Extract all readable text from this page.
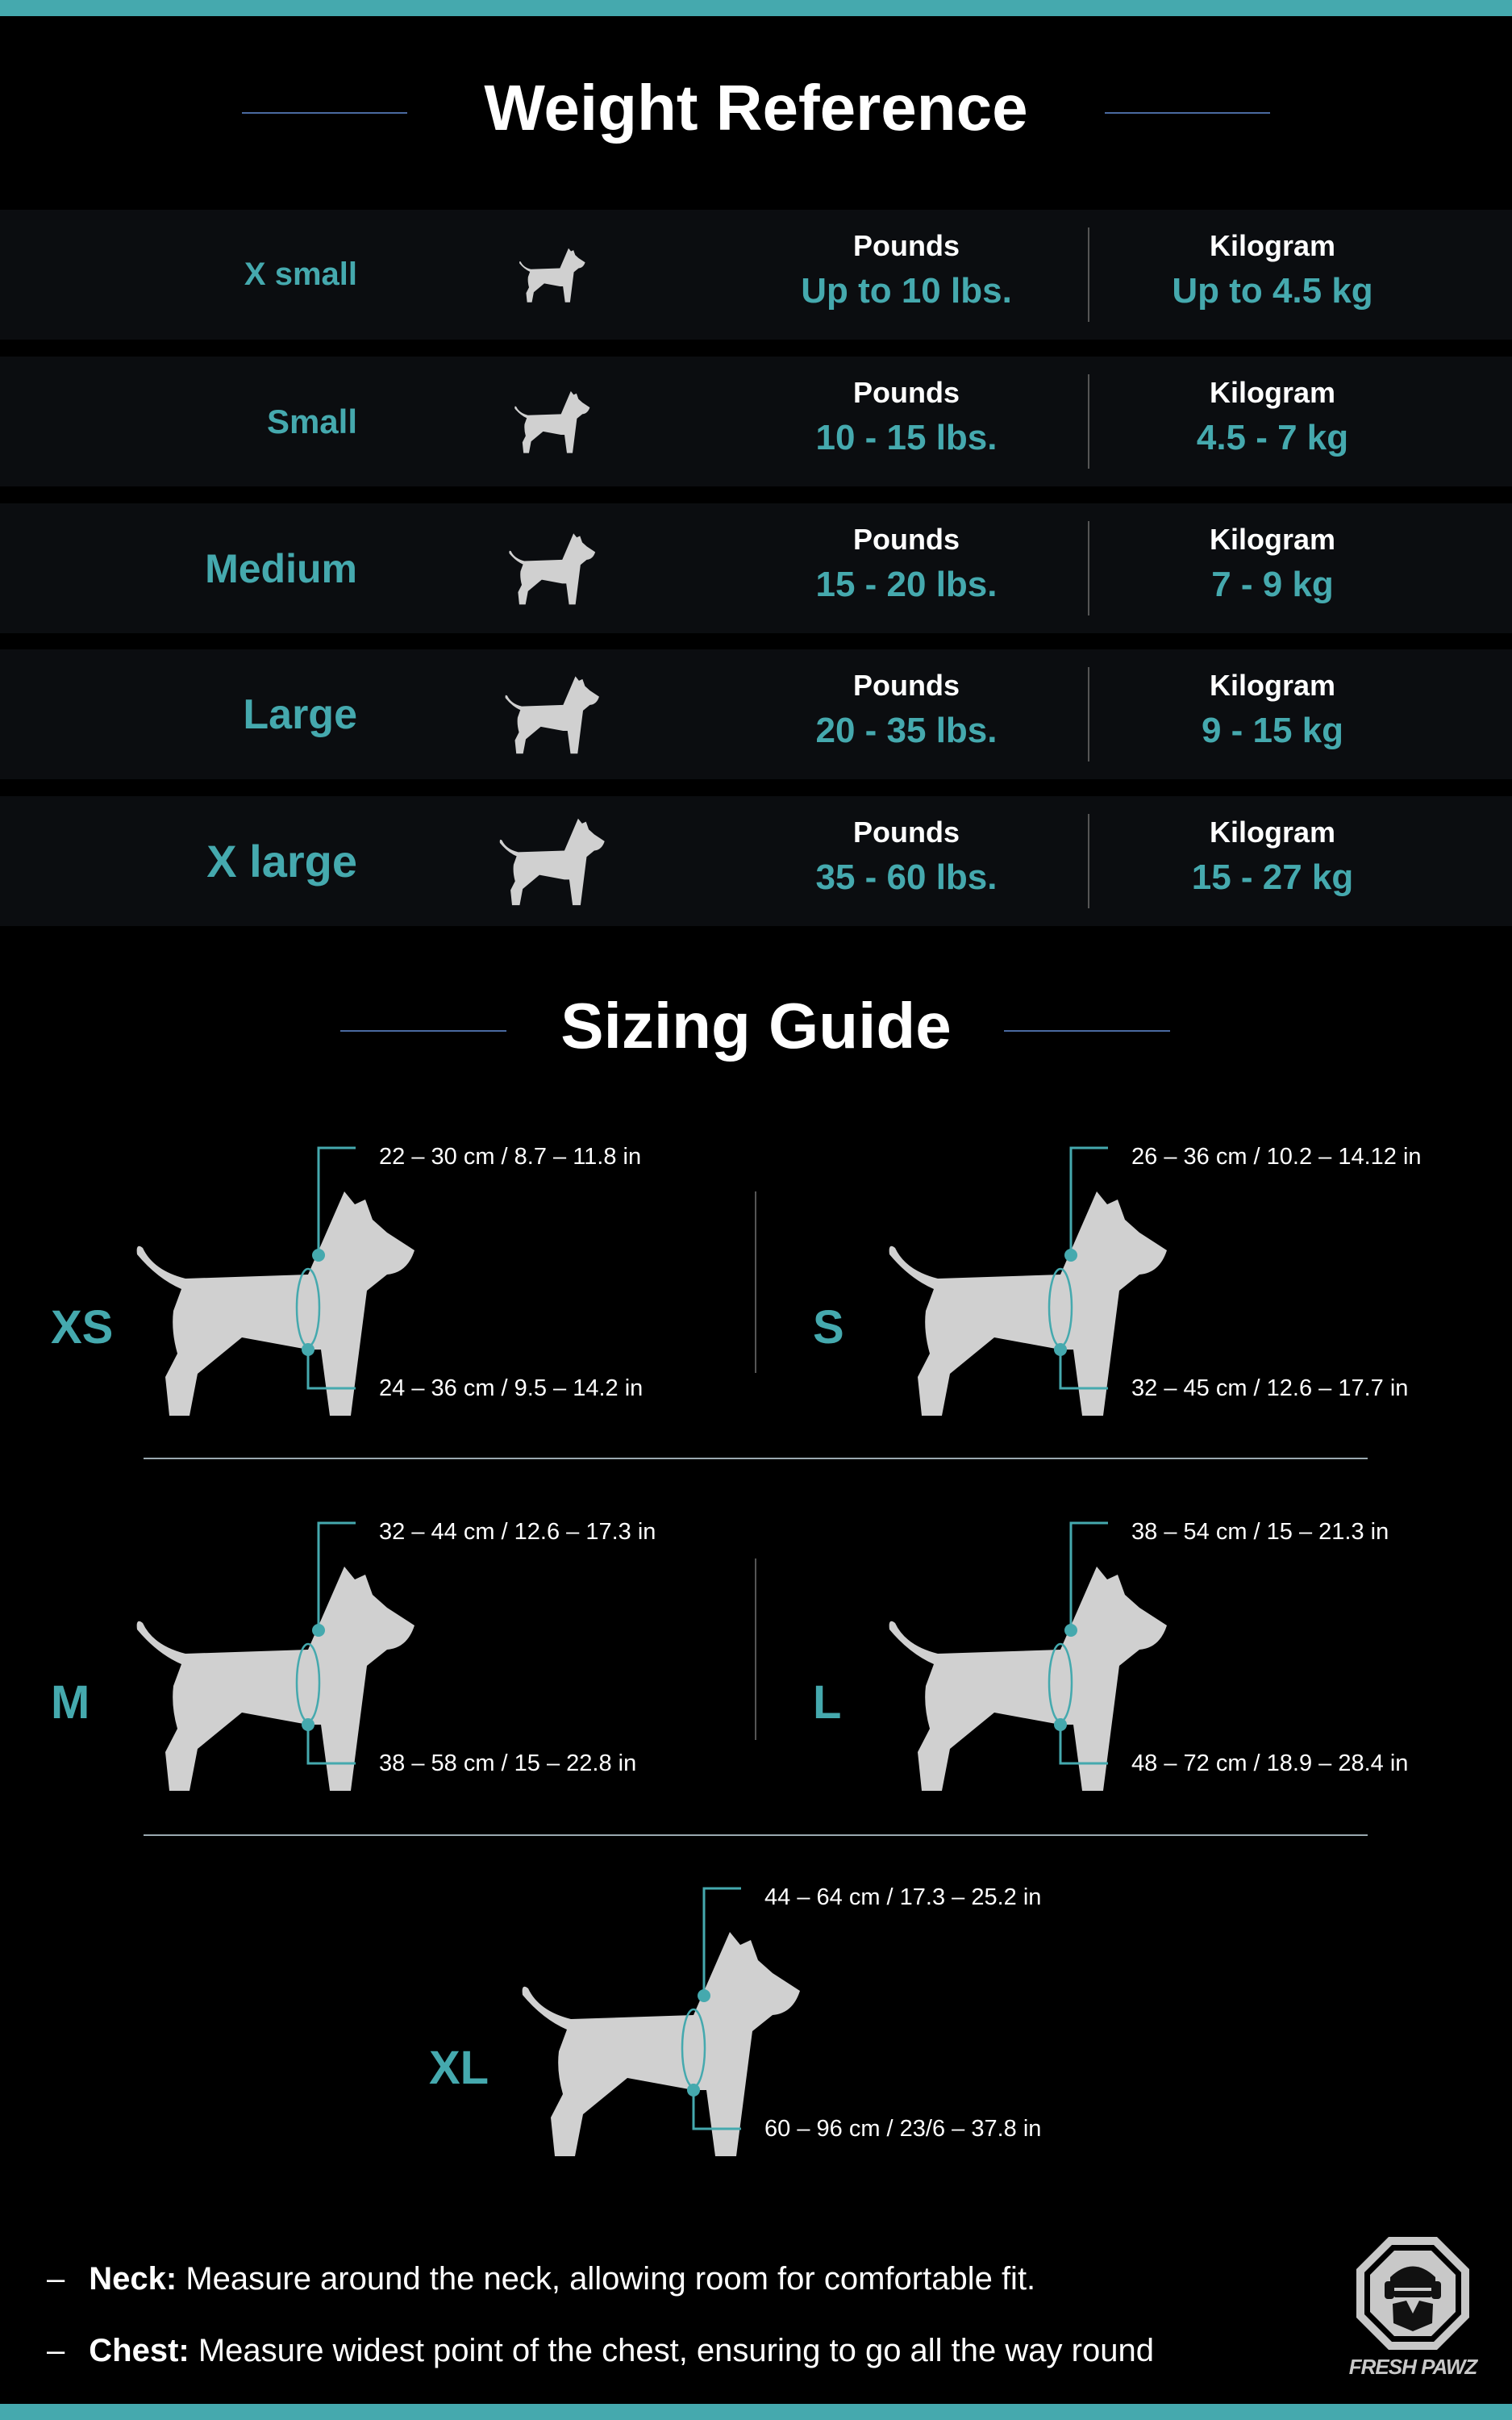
Weight Reference
X small
Pounds
Up to 10 lbs.
Kilogram
Up to 4.5 kg
Small
Pounds
10 - 15 lbs.
Kilogram
4.5 - 7 kg
Medium
Pounds
15 - 20 lbs.
Kilogram
7 - 9 kg
Large
Pounds
20 - 35 lbs.
Kilogram
9 - 15 kg
X large
Pounds
35 - 60 lbs.
Kilogram
15 - 27 kg
Sizing Guide
22 – 30 cm / 8.7 – 11.8 in
24 – 36 cm / 9.5 – 14.2 in
XS
26 – 36 cm / 10.2 – 14.12 in
32 – 45 cm / 12.6 – 17.7 in
S
32 – 44 cm / 12.6 – 17.3 in
38 – 58 cm / 15 – 22.8 in
M
38 – 54 cm / 15 – 21.3 in
48 – 72 cm / 18.9 – 28.4 in
L
44 – 64 cm / 17.3 – 25.2 in
60 – 96 cm / 23/6 – 37.8 in
XL
– Neck: Measure around the neck, allowing room for comfortable fit.
– Chest: Measure widest point of the chest, ensuring to go all the way round	FRESH PAWZ
